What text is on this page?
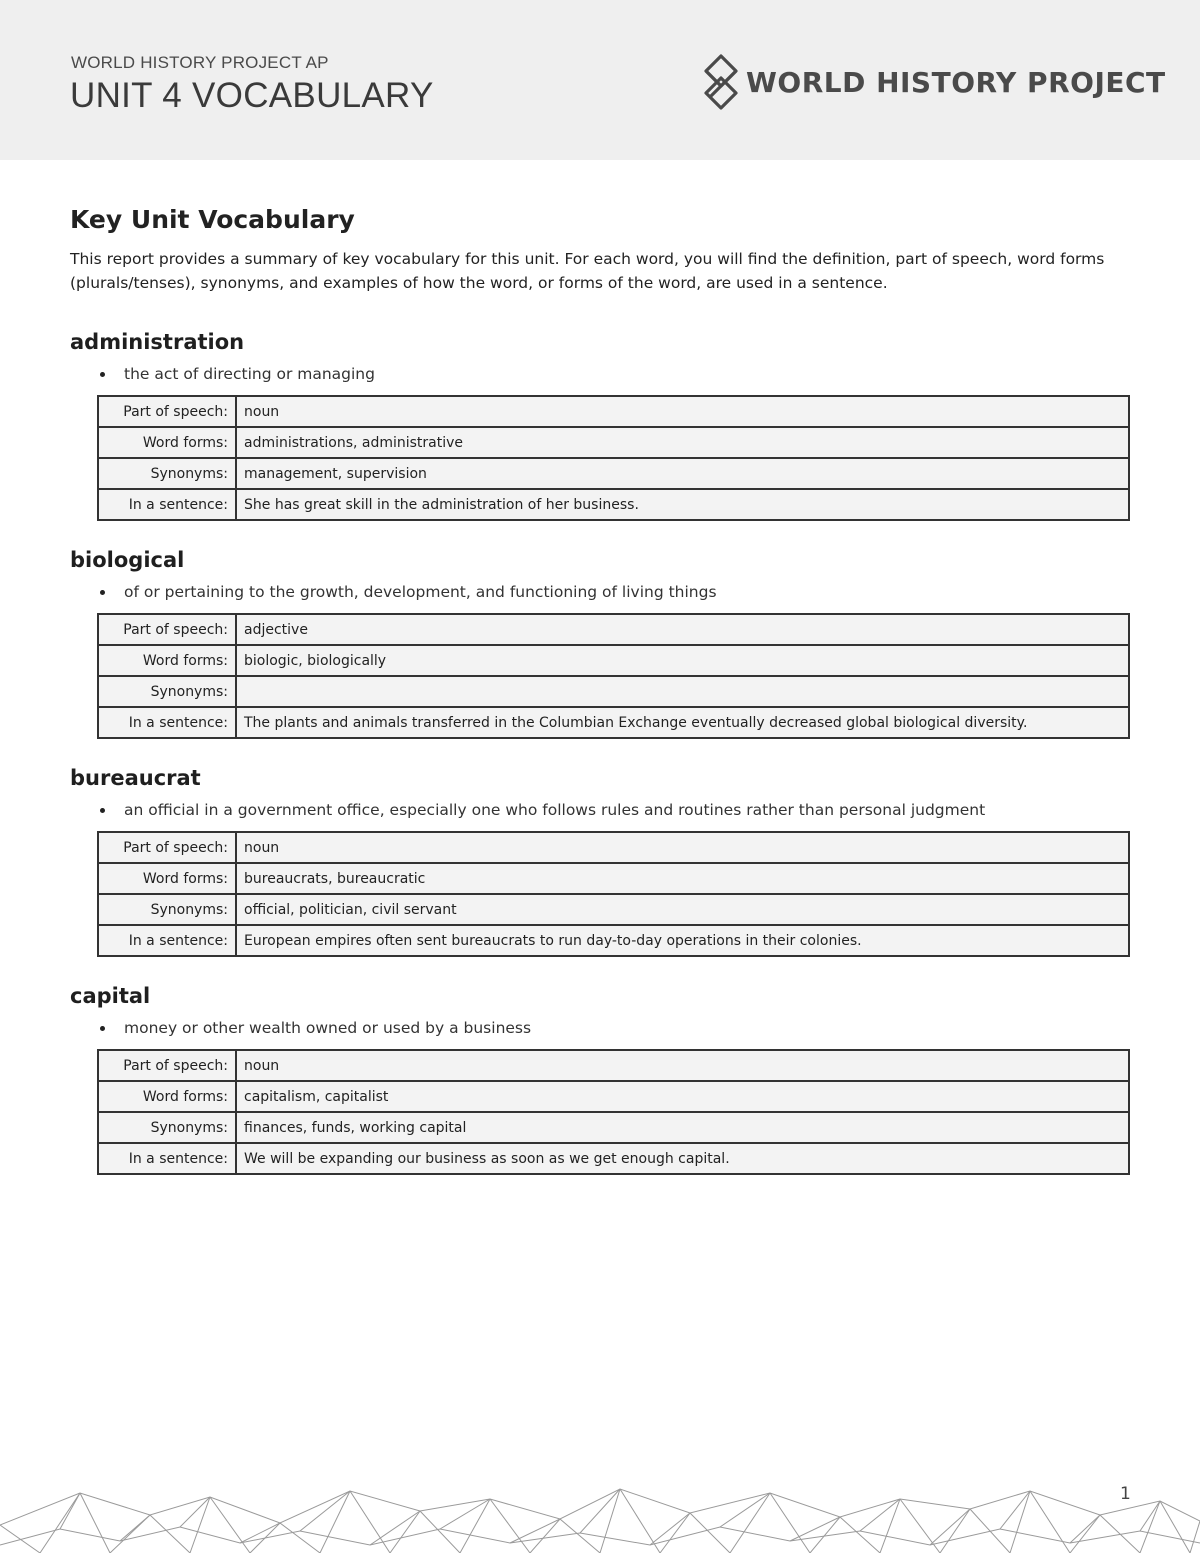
WORLD HISTORY PROJECT AP
UNIT 4 VOCABULARY	WORLD HISTORY PROJECT
Key Unit Vocabulary

This report provides a summary of key vocabulary for this unit. For each word, you will find the definition, part of speech, word forms (plurals/tenses), synonyms, and examples of how the word, or forms of the word, are used in a sentence.

administration
the act of directing or managing
Part of speech:	noun
Word forms:	administrations, administrative
Synonyms:	management, supervision
In a sentence:	She has great skill in the administration of her business.
biological
of or pertaining to the growth, development, and functioning of living things
Part of speech:	adjective
Word forms:	biologic, biologically
Synonyms:	
In a sentence:	The plants and animals transferred in the Columbian Exchange eventually decreased global biological diversity.
bureaucrat
an official in a government office, especially one who follows rules and routines rather than personal judgment
Part of speech:	noun
Word forms:	bureaucrats, bureaucratic
Synonyms:	official, politician, civil servant
In a sentence:	European empires often sent bureaucrats to run day-to-day operations in their colonies.
capital
money or other wealth owned or used by a business
Part of speech:	noun
Word forms:	capitalism, capitalist
Synonyms:	finances, funds, working capital
In a sentence:	We will be expanding our business as soon as we get enough capital.
1
